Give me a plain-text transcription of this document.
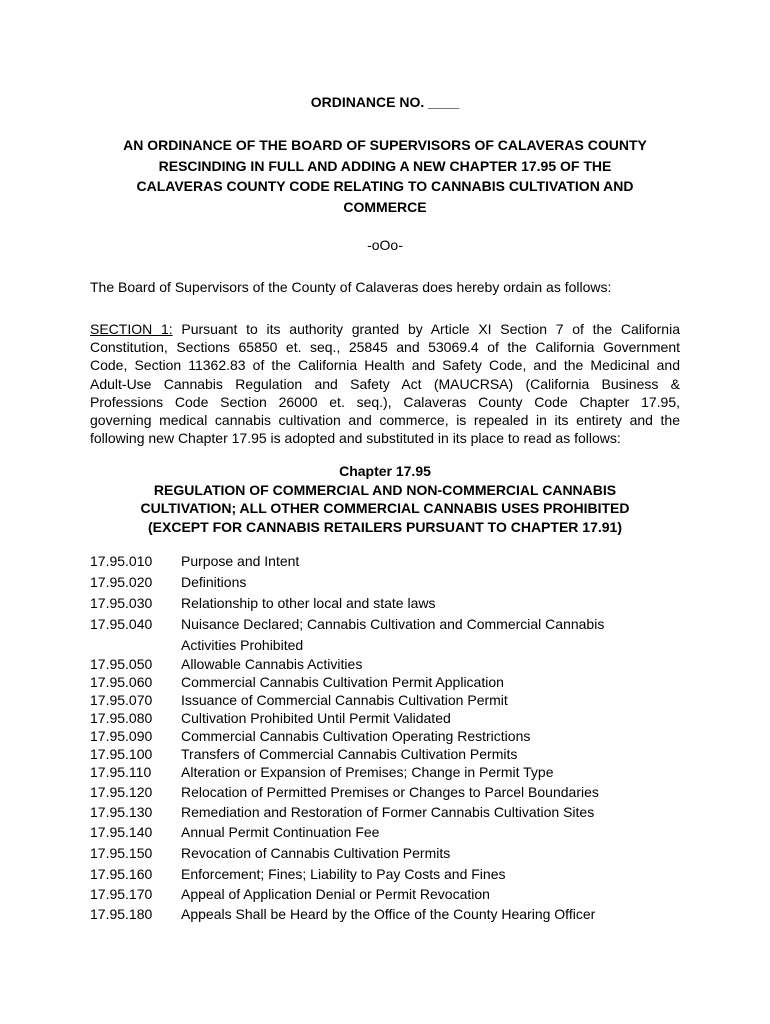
ORDINANCE NO. ____
AN ORDINANCE OF THE BOARD OF SUPERVISORS OF CALAVERAS COUNTY
RESCINDING IN FULL AND ADDING A NEW CHAPTER 17.95 OF THE
CALAVERAS COUNTY CODE RELATING TO CANNABIS CULTIVATION AND
COMMERCE
-oOo-
The Board of Supervisors of the County of Calaveras does hereby ordain as follows:
SECTION 1: Pursuant to its authority granted by Article XI Section 7 of the California
Constitution, Sections 65850 et. seq., 25845 and 53069.4 of the California Government
Code, Section 11362.83 of the California Health and Safety Code, and the Medicinal and
Adult-Use Cannabis Regulation and Safety Act (MAUCRSA) (California Business &
Professions Code Section 26000 et. seq.), Calaveras County Code Chapter 17.95,
governing medical cannabis cultivation and commerce, is repealed in its entirety and the
following new Chapter 17.95 is adopted and substituted in its place to read as follows:
Chapter 17.95
REGULATION OF COMMERCIAL AND NON-COMMERCIAL CANNABIS
CULTIVATION; ALL OTHER COMMERCIAL CANNABIS USES PROHIBITED
(EXCEPT FOR CANNABIS RETAILERS PURSUANT TO CHAPTER 17.91)
17.95.010 Purpose and Intent
17.95.020 Definitions
17.95.030 Relationship to other local and state laws
17.95.040 Nuisance Declared; Cannabis Cultivation and Commercial Cannabis
Activities Prohibited
17.95.050 Allowable Cannabis Activities
17.95.060 Commercial Cannabis Cultivation Permit Application
17.95.070 Issuance of Commercial Cannabis Cultivation Permit
17.95.080 Cultivation Prohibited Until Permit Validated
17.95.090 Commercial Cannabis Cultivation Operating Restrictions
17.95.100 Transfers of Commercial Cannabis Cultivation Permits
17.95.110 Alteration or Expansion of Premises; Change in Permit Type
17.95.120 Relocation of Permitted Premises or Changes to Parcel Boundaries
17.95.130 Remediation and Restoration of Former Cannabis Cultivation Sites
17.95.140 Annual Permit Continuation Fee
17.95.150 Revocation of Cannabis Cultivation Permits
17.95.160 Enforcement; Fines; Liability to Pay Costs and Fines
17.95.170 Appeal of Application Denial or Permit Revocation
17.95.180 Appeals Shall be Heard by the Office of the County Hearing Officer
